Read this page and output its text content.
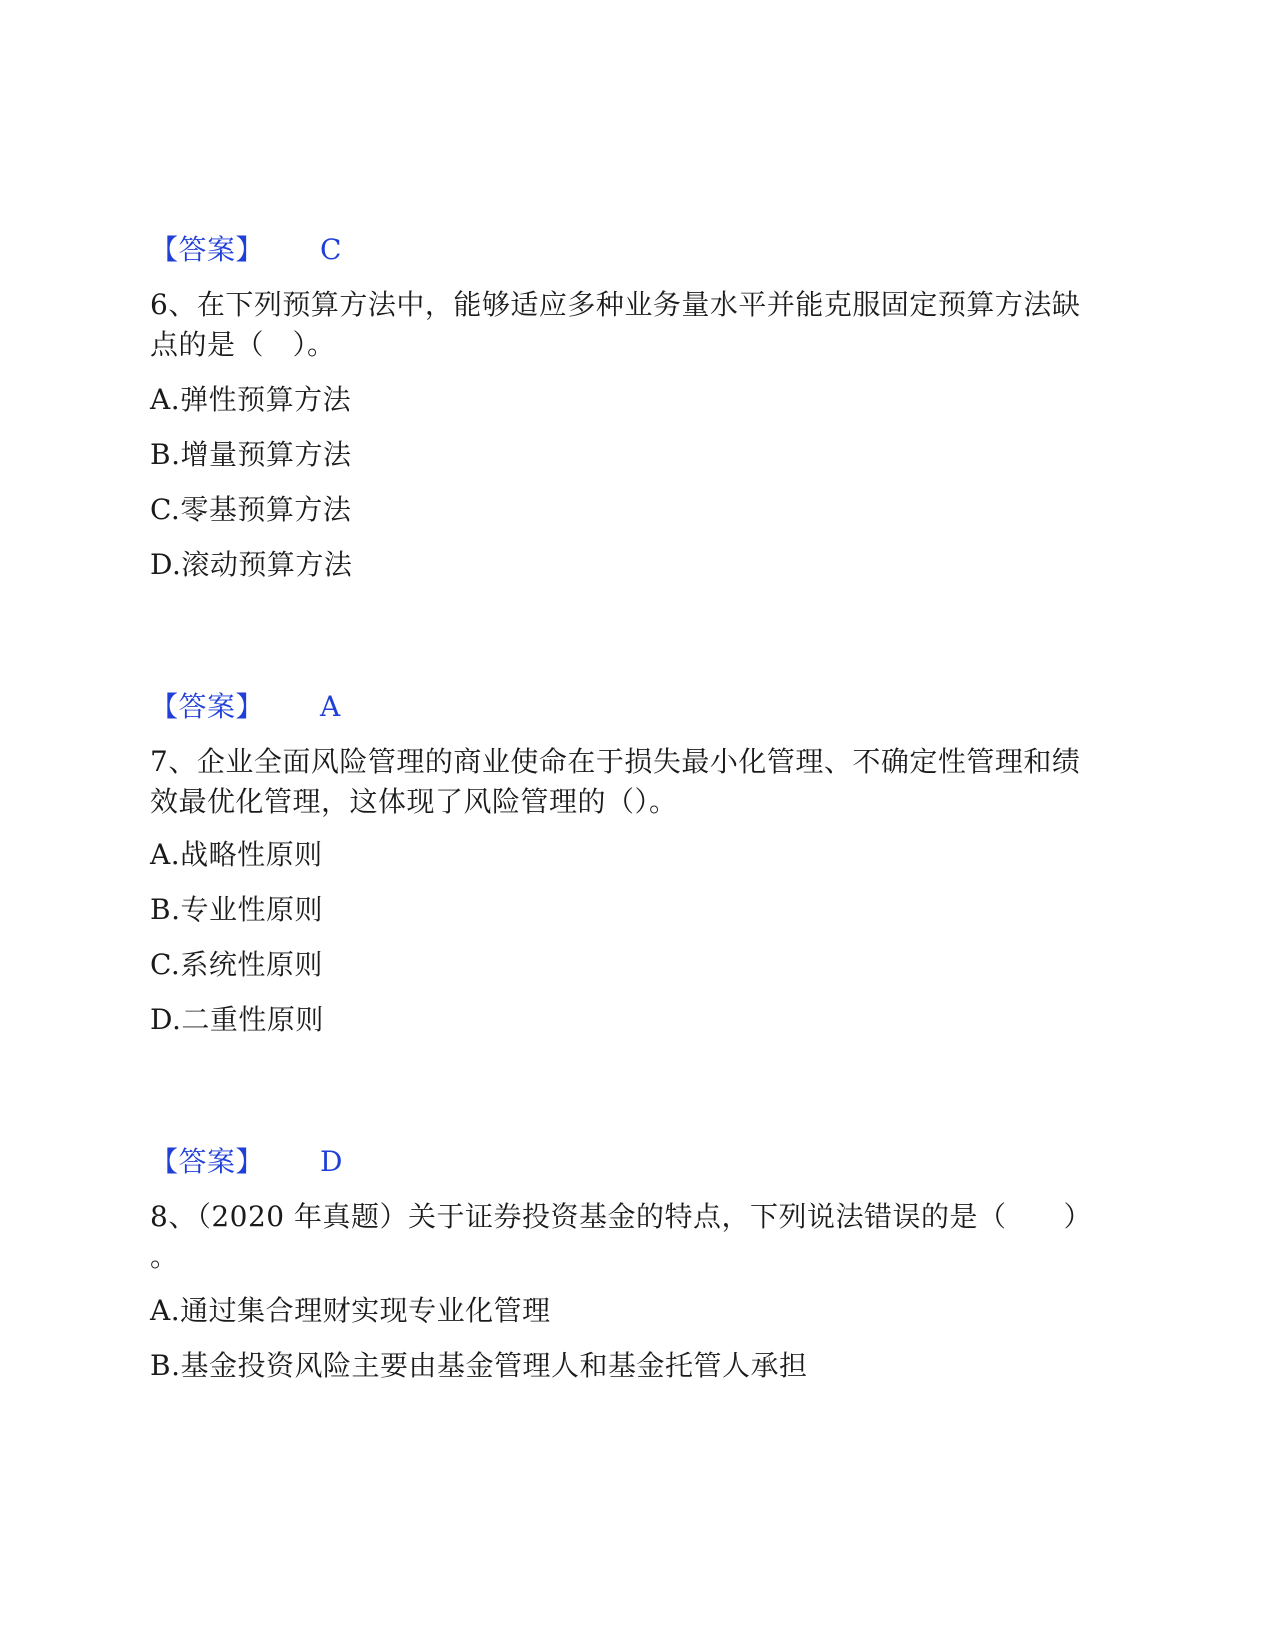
【答案】 C
6、在下列预算方法中，能够适应多种业务量水平并能克服固定预算方法缺
点的是（　）。
A.弹性预算方法
B.增量预算方法
C.零基预算方法
D.滚动预算方法
【答案】 A
7、企业全面风险管理的商业使命在于损失最小化管理、不确定性管理和绩
效最优化管理，这体现了风险管理的（）。
A.战略性原则
B.专业性原则
C.系统性原则
D.二重性原则
【答案】 D
8、（2020 年真题）关于证券投资基金的特点，下列说法错误的是（　　）
。
A.通过集合理财实现专业化管理
B.基金投资风险主要由基金管理人和基金托管人承担
